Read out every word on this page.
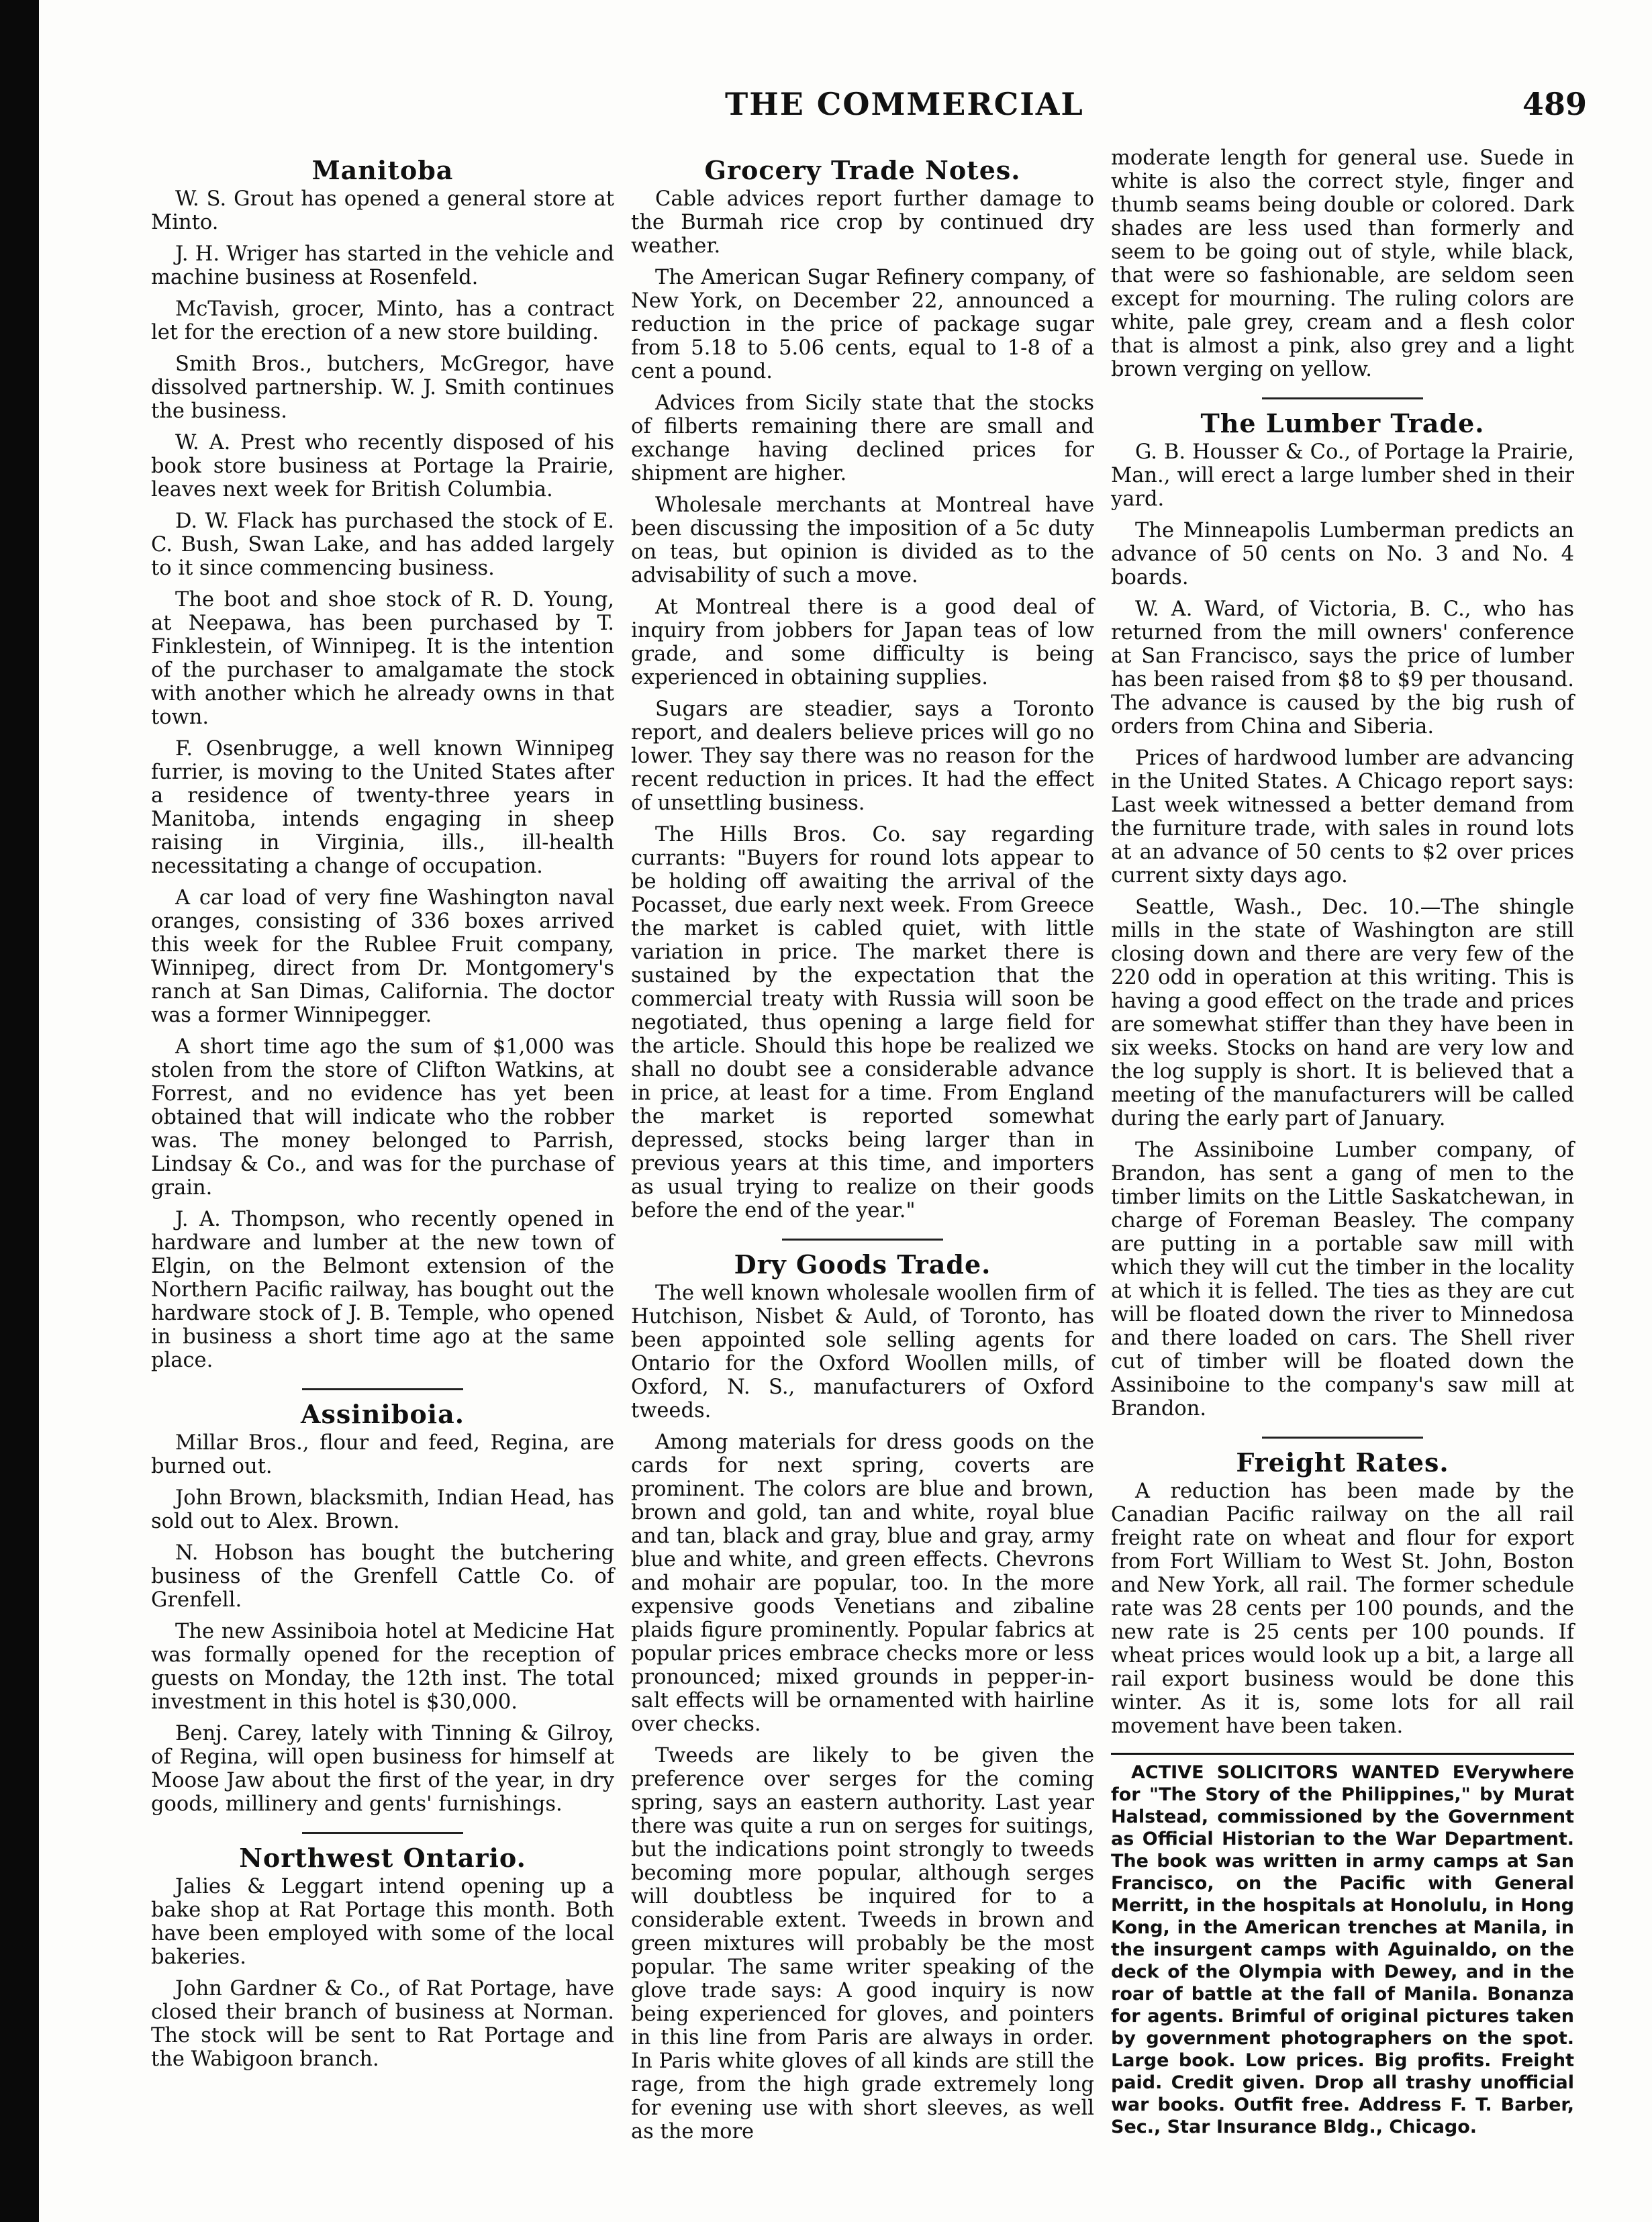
THE COMMERCIAL	489
Manitoba

W. S. Grout has opened a general store at Minto.

J. H. Wriger has started in the vehicle and machine business at Rosenfeld.

McTavish, grocer, Minto, has a contract let for the erection of a new store building.

Smith Bros., butchers, McGregor, have dissolved partnership. W. J. Smith continues the business.

W. A. Prest who recently disposed of his book store business at Portage la Prairie, leaves next week for British Columbia.

D. W. Flack has purchased the stock of E. C. Bush, Swan Lake, and has added largely to it since commencing business.

The boot and shoe stock of R. D. Young, at Neepawa, has been purchased by T. Finklestein, of Winnipeg. It is the intention of the purchaser to amalgamate the stock with another which he already owns in that town.

F. Osenbrugge, a well known Winnipeg furrier, is moving to the United States after a residence of twenty-three years in Manitoba, intends engaging in sheep raising in Virginia, ills., ill-health necessitating a change of occupation.

A car load of very fine Washington naval oranges, consisting of 336 boxes arrived this week for the Rublee Fruit company, Winnipeg, direct from Dr. Montgomery's ranch at San Dimas, California. The doctor was a former Winnipegger.

A short time ago the sum of $1,000 was stolen from the store of Clifton Watkins, at Forrest, and no evidence has yet been obtained that will indicate who the robber was. The money belonged to Parrish, Lindsay & Co., and was for the purchase of grain.

J. A. Thompson, who recently opened in hardware and lumber at the new town of Elgin, on the Belmont extension of the Northern Pacific railway, has bought out the hardware stock of J. B. Temple, who opened in business a short time ago at the same place.

Assiniboia.

Millar Bros., flour and feed, Regina, are burned out.

John Brown, blacksmith, Indian Head, has sold out to Alex. Brown.

N. Hobson has bought the butchering business of the Grenfell Cattle Co. of Grenfell.

The new Assiniboia hotel at Medicine Hat was formally opened for the reception of guests on Monday, the 12th inst. The total investment in this hotel is $30,000.

Benj. Carey, lately with Tinning & Gilroy, of Regina, will open business for himself at Moose Jaw about the first of the year, in dry goods, millinery and gents' furnishings.

Northwest Ontario.

Jalies & Leggart intend opening up a bake shop at Rat Portage this month. Both have been employed with some of the local bakeries.

John Gardner & Co., of Rat Portage, have closed their branch of business at Norman. The stock will be sent to Rat Portage and the Wabigoon branch.

Grocery Trade Notes.

Cable advices report further damage to the Burmah rice crop by continued dry weather.

The American Sugar Refinery company, of New York, on December 22, announced a reduction in the price of package sugar from 5.18 to 5.06 cents, equal to 1-8 of a cent a pound.

Advices from Sicily state that the stocks of filberts remaining there are small and exchange having declined prices for shipment are higher.

Wholesale merchants at Montreal have been discussing the imposition of a 5c duty on teas, but opinion is divided as to the advisability of such a move.

At Montreal there is a good deal of inquiry from jobbers for Japan teas of low grade, and some difficulty is being experienced in obtaining supplies.

Sugars are steadier, says a Toronto report, and dealers believe prices will go no lower. They say there was no reason for the recent reduction in prices. It had the effect of unsettling business.

The Hills Bros. Co. say regarding currants: "Buyers for round lots appear to be holding off awaiting the arrival of the Pocasset, due early next week. From Greece the market is cabled quiet, with little variation in price. The market there is sustained by the expectation that the commercial treaty with Russia will soon be negotiated, thus opening a large field for the article. Should this hope be realized we shall no doubt see a considerable advance in price, at least for a time. From England the market is reported somewhat depressed, stocks being larger than in previous years at this time, and importers as usual trying to realize on their goods before the end of the year."

Dry Goods Trade.

The well known wholesale woollen firm of Hutchison, Nisbet & Auld, of Toronto, has been appointed sole selling agents for Ontario for the Oxford Woollen mills, of Oxford, N. S., manufacturers of Oxford tweeds.

Among materials for dress goods on the cards for next spring, coverts are prominent. The colors are blue and brown, brown and gold, tan and white, royal blue and tan, black and gray, blue and gray, army blue and white, and green effects. Chevrons and mohair are popular, too. In the more expensive goods Venetians and zibaline plaids figure prominently. Popular fabrics at popular prices embrace checks more or less pronounced; mixed grounds in pepper-in-salt effects will be ornamented with hairline over checks.

Tweeds are likely to be given the preference over serges for the coming spring, says an eastern authority. Last year there was quite a run on serges for suitings, but the indications point strongly to tweeds becoming more popular, although serges will doubtless be inquired for to a considerable extent. Tweeds in brown and green mixtures will probably be the most popular. The same writer speaking of the glove trade says: A good inquiry is now being experienced for gloves, and pointers in this line from Paris are always in order. In Paris white gloves of all kinds are still the rage, from the high grade extremely long for evening use with short sleeves, as well as the more

moderate length for general use. Suede in white is also the correct style, finger and thumb seams being double or colored. Dark shades are less used than formerly and seem to be going out of style, while black, that were so fashionable, are seldom seen except for mourning. The ruling colors are white, pale grey, cream and a flesh color that is almost a pink, also grey and a light brown verging on yellow.

The Lumber Trade.

G. B. Housser & Co., of Portage la Prairie, Man., will erect a large lumber shed in their yard.

The Minneapolis Lumberman predicts an advance of 50 cents on No. 3 and No. 4 boards.

W. A. Ward, of Victoria, B. C., who has returned from the mill owners' conference at San Francisco, says the price of lumber has been raised from $8 to $9 per thousand. The advance is caused by the big rush of orders from China and Siberia.

Prices of hardwood lumber are advancing in the United States. A Chicago report says: Last week witnessed a better demand from the furniture trade, with sales in round lots at an advance of 50 cents to $2 over prices current sixty days ago.

Seattle, Wash., Dec. 10.—The shingle mills in the state of Washington are still closing down and there are very few of the 220 odd in operation at this writing. This is having a good effect on the trade and prices are somewhat stiffer than they have been in six weeks. Stocks on hand are very low and the log supply is short. It is believed that a meeting of the manufacturers will be called during the early part of January.

The Assiniboine Lumber company, of Brandon, has sent a gang of men to the timber limits on the Little Saskatchewan, in charge of Foreman Beasley. The company are putting in a portable saw mill with which they will cut the timber in the locality at which it is felled. The ties as they are cut will be floated down the river to Minnedosa and there loaded on cars. The Shell river cut of timber will be floated down the Assiniboine to the company's saw mill at Brandon.

Freight Rates.

A reduction has been made by the Canadian Pacific railway on the all rail freight rate on wheat and flour for export from Fort William to West St. John, Boston and New York, all rail. The former schedule rate was 28 cents per 100 pounds, and the new rate is 25 cents per 100 pounds. If wheat prices would look up a bit, a large all rail export business would be done this winter. As it is, some lots for all rail movement have been taken.

ACTIVE SOLICITORS WANTED EVerywhere for "The Story of the Philippines," by Murat Halstead, commissioned by the Government as Official Historian to the War Department. The book was written in army camps at San Francisco, on the Pacific with General Merritt, in the hospitals at Honolulu, in Hong Kong, in the American trenches at Manila, in the insurgent camps with Aguinaldo, on the deck of the Olympia with Dewey, and in the roar of battle at the fall of Manila. Bonanza for agents. Brimful of original pictures taken by government photographers on the spot. Large book. Low prices. Big profits. Freight paid. Credit given. Drop all trashy unofficial war books. Outfit free. Address F. T. Barber, Sec., Star Insurance Bldg., Chicago.
